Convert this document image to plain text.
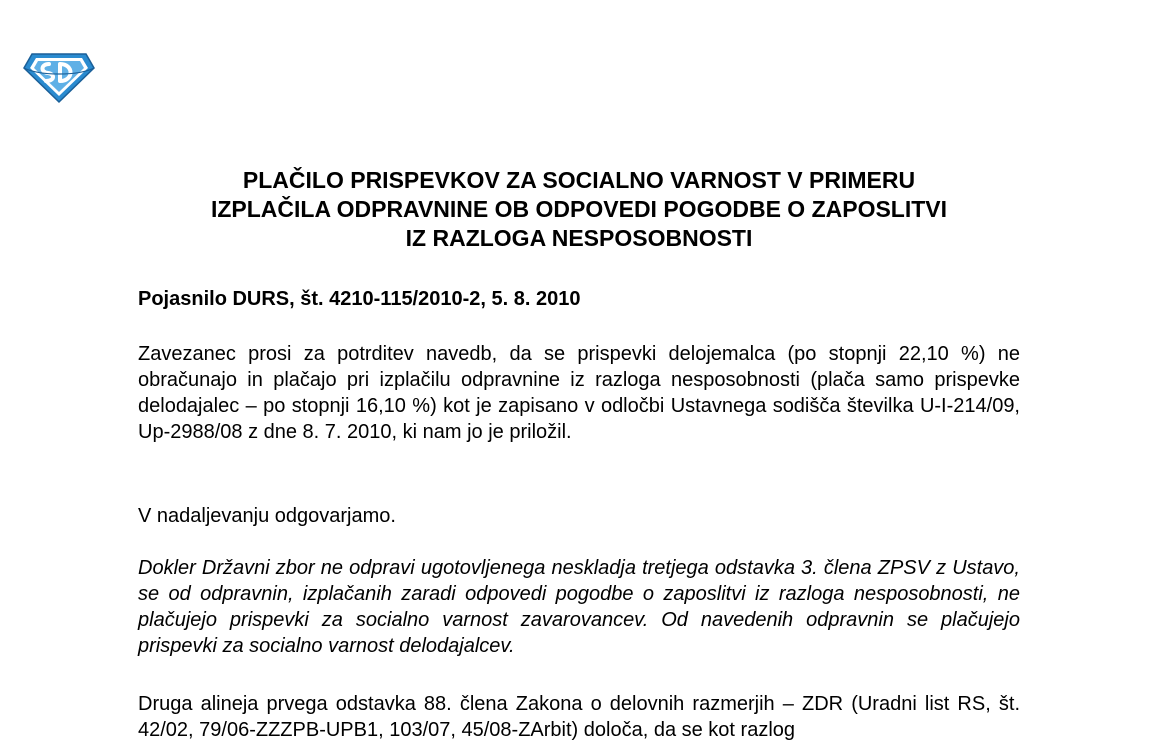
PLAČILO PRISPEVKOV ZA SOCIALNO VARNOST V PRIMERU
IZPLAČILA ODPRAVNINE OB ODPOVEDI POGODBE O ZAPOSLITVI
IZ RAZLOGA NESPOSOBNOSTI
Pojasnilo DURS, št. 4210-115/2010-2, 5. 8. 2010
Zavezanec prosi za potrditev navedb, da se prispevki delojemalca (po stopnji 22,10 %) ne obračunajo in plačajo pri izplačilu odpravnine iz razloga nesposobnosti (plača samo prispevke delodajalec – po stopnji 16,10 %) kot je zapisano v odločbi Ustavnega sodišča številka U-I-214/09, Up-2988/08 z dne 8. 7. 2010, ki nam jo je priložil.
V nadaljevanju odgovarjamo.
Dokler Državni zbor ne odpravi ugotovljenega neskladja tretjega odstavka 3. člena ZPSV z Ustavo, se od odpravnin, izplačanih zaradi odpovedi pogodbe o zaposlitvi iz razloga nesposobnosti, ne plačujejo prispevki za socialno varnost zavarovancev. Od navedenih odpravnin se plačujejo prispevki za socialno varnost delodajalcev.
Druga alineja prvega odstavka 88. člena Zakona o delovnih razmerjih – ZDR (Uradni list RS, št. 42/02, 79/06-ZZZPB-UPB1, 103/07, 45/08-ZArbit) določa, da se kot razlog
